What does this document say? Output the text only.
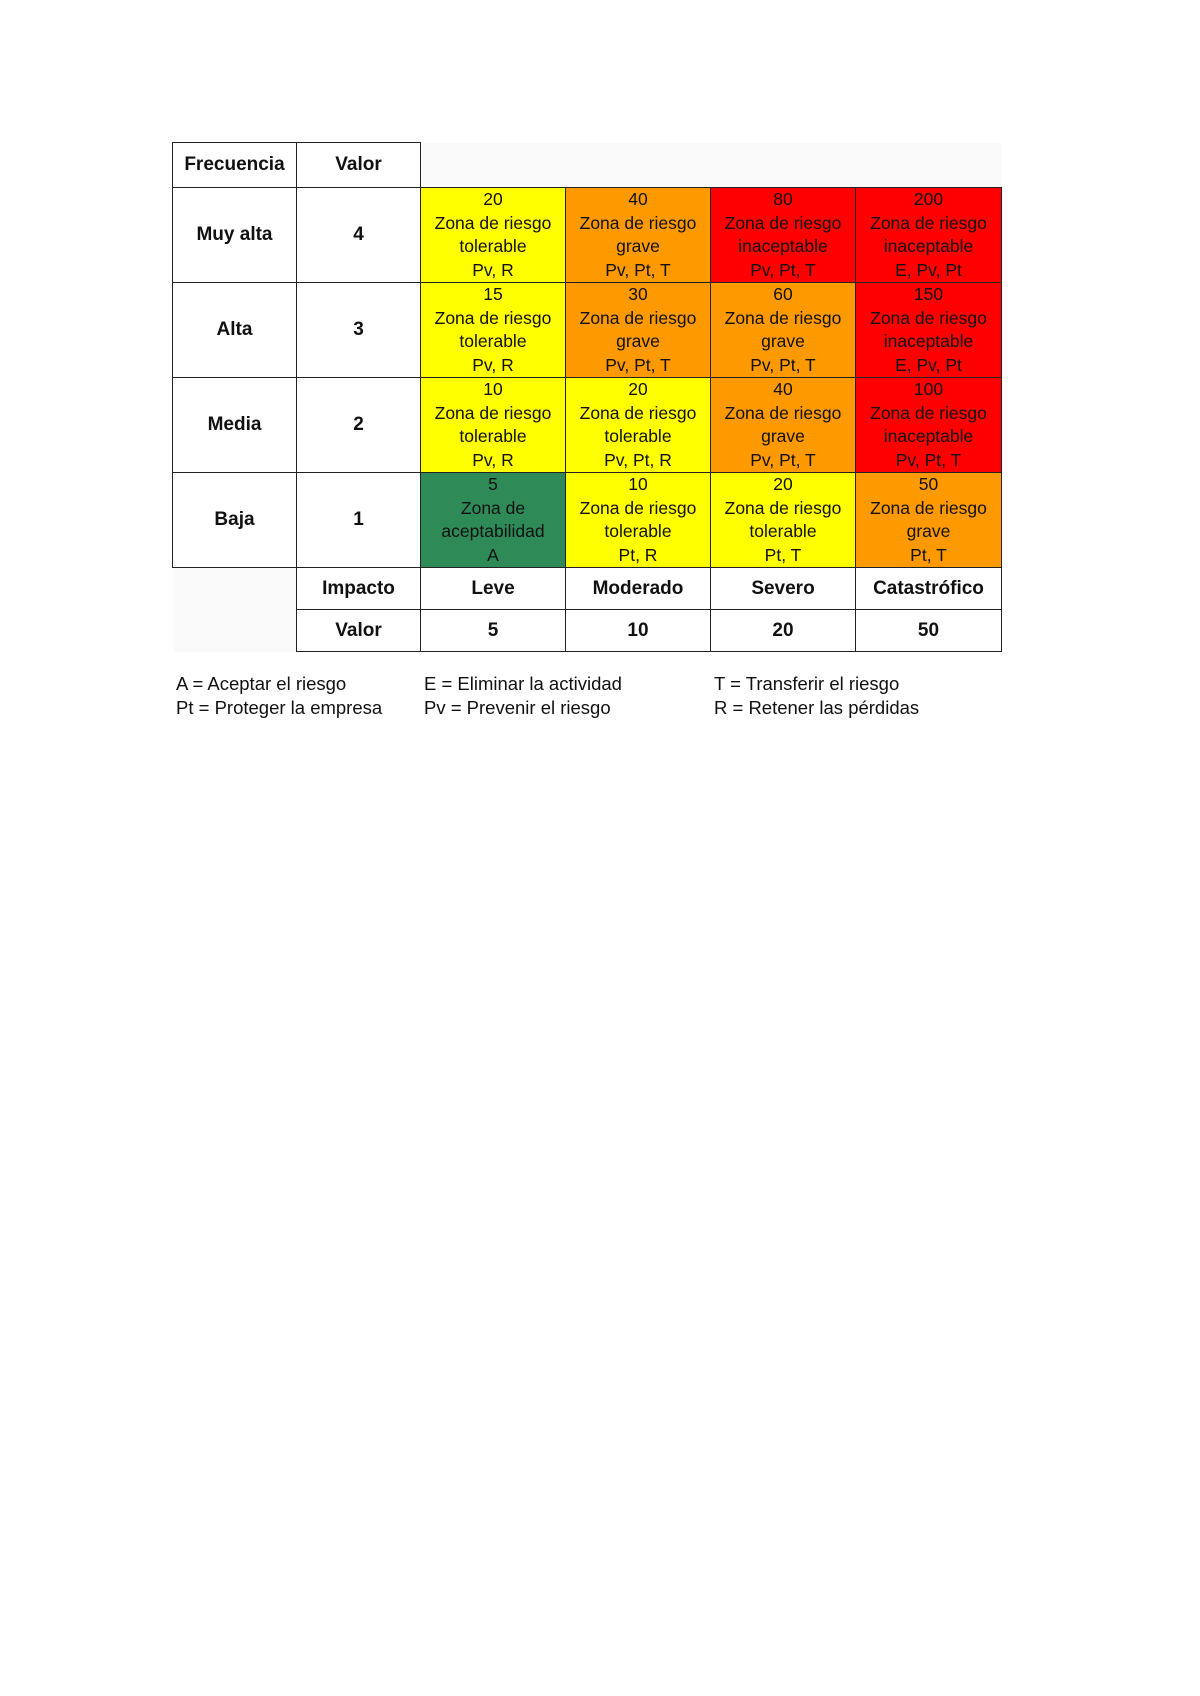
Frecuencia	Valor				
Muy alta	4	20
Zona de riesgo
tolerable
Pv, R	40
Zona de riesgo
grave
Pv, Pt, T	80
Zona de riesgo
inaceptable
Pv, Pt, T	200
Zona de riesgo
inaceptable
E, Pv, Pt

Alta	3	15
Zona de riesgo
tolerable
Pv, R	30
Zona de riesgo
grave
Pv, Pt, T	60
Zona de riesgo
grave
Pv, Pt, T	150
Zona de riesgo
inaceptable
E, Pv, Pt

Media	2	10
Zona de riesgo
tolerable
Pv, R	20
Zona de riesgo
tolerable
Pv, Pt, R	40
Zona de riesgo
grave
Pv, Pt, T	100
Zona de riesgo
inaceptable
Pv, Pt, T

Baja	1	5
Zona de
aceptabilidad
A	10
Zona de riesgo
tolerable
Pt, R	20
Zona de riesgo
tolerable
Pt, T	50
Zona de riesgo
grave
Pt, T

	Impacto	Leve	Moderado	Severo	Catastrófico
	Valor	5	10	20	50
A = Aceptar el riesgo
Pt = Proteger la empresa
E = Eliminar la actividad
Pv = Prevenir el riesgo
T = Transferir el riesgo
R = Retener las pérdidas
